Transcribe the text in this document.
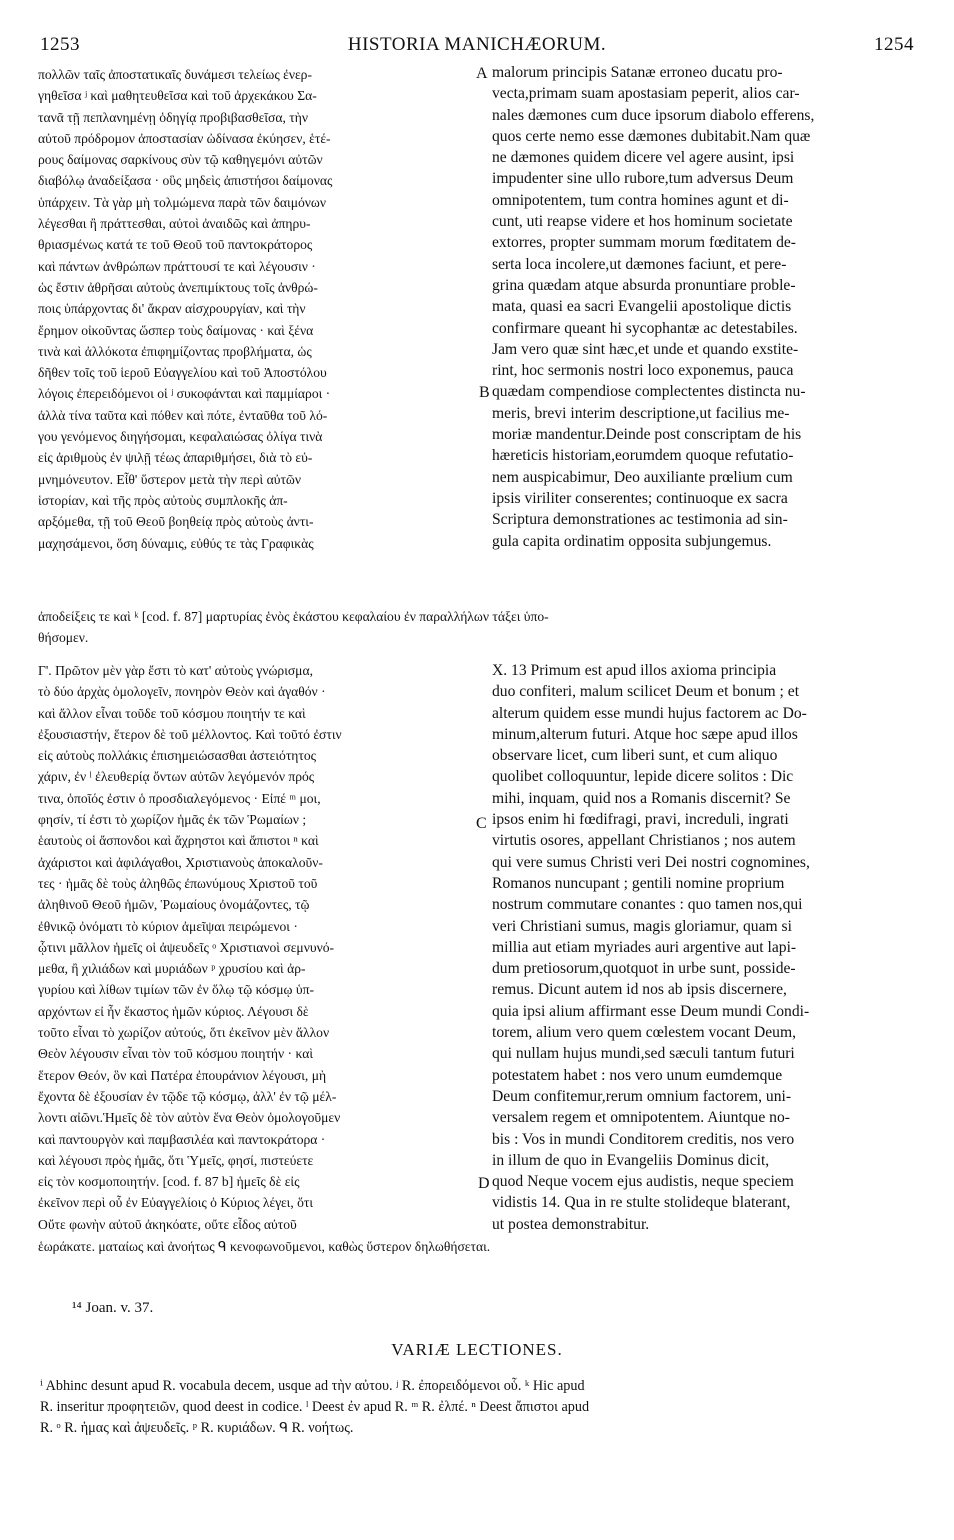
1253	HISTORIA MANICHÆORUM.	1254
πολλῶν ταῖς ἀποστατικαῖς δυνάμεσι τελείως ἐνερ-
γηθεῖσα ʲ καὶ μαθητευθεῖσα καὶ τοῦ ἀρχεκάκου Σα-
τανᾶ τῇ πεπλανημένῃ ὁδηγίᾳ προβιβασθεῖσα, τὴν
αὐτοῦ πρόδρομον ἀποστασίαν ὠδίνασα ἐκύησεν, ἑτέ-
ρους δαίμονας σαρκίνους σὺν τῷ καθηγεμόνι αὐτῶν
διαβόλῳ ἀναδείξασα · οὓς μηδεὶς ἀπιστήσοι δαίμονας
ὑπάρχειν. Τὰ γὰρ μὴ τολμώμενα παρὰ τῶν δαιμόνων
λέγεσθαι ἢ πράττεσθαι, αὐτοὶ ἀναιδῶς καὶ ἀπηρυ-
θριασμένως κατά τε τοῦ Θεοῦ τοῦ παντοκράτορος
καὶ πάντων ἀνθρώπων πράττουσί τε καὶ λέγουσιν ·
ὡς ἔστιν ἀθρῆσαι αὐτοὺς ἀνεπιμίκτους τοῖς ἀνθρώ-
ποις ὑπάρχοντας δι' ἄκραν αἰσχρουργίαν, καὶ τὴν
ἔρημον οἰκοῦντας ὥσπερ τοὺς δαίμονας · καὶ ξένα
τινὰ καὶ ἀλλόκοτα ἐπιφημίζοντας προβλήματα, ὡς
δῆθεν τοῖς τοῦ ἱεροῦ Εὐαγγελίου καὶ τοῦ Ἀποστόλου
λόγοις ἐπερειδόμενοι οἱ ʲ συκοφάνται καὶ παμμίαροι ·
ἀλλὰ τίνα ταῦτα καὶ πόθεν καὶ πότε, ἐνταῦθα τοῦ λό-
γου γενόμενος διηγήσομαι, κεφαλαιώσας ὀλίγα τινὰ
εἰς ἀριθμοὺς ἐν ψιλῇ τέως ἀπαριθμήσει, διὰ τὸ εὐ-
μνημόνευτον. Εἶθ' ὕστερον μετὰ τὴν περὶ αὐτῶν
ἱστορίαν, καὶ τῆς πρὸς αὐτοὺς συμπλοκῆς ἀπ-
αρξόμεθα, τῇ τοῦ Θεοῦ βοηθείᾳ πρὸς αὐτοὺς ἀντι-
μαχησάμενοι, ὅση δύναμις, εὐθύς τε τὰς Γραφικὰς
malorum principis Satanæ erroneo ducatu pro-
vecta,primam suam apostasiam peperit, alios car-
nales dæmones cum duce ipsorum diabolo efferens,
quos certe nemo esse dæmones dubitabit.Nam quæ
ne dæmones quidem dicere vel agere ausint, ipsi
impudenter sine ullo rubore,tum adversus Deum
omnipotentem, tum contra homines agunt et di-
cunt, uti reapse videre et hos hominum societate
extorres, propter summam morum fœditatem de-
serta loca incolere,ut dæmones faciunt, et pere-
grina quædam atque absurda pronuntiare proble-
mata, quasi ea sacri Evangelii apostolique dictis
confirmare queant hi sycophantæ ac detestabiles.
Jam vero quæ sint hæc,et unde et quando exstite-
rint, hoc sermonis nostri loco exponemus, pauca
quædam compendiose complectentes distincta nu-
meris, brevi interim descriptione,ut facilius me-
moriæ mandentur.Deinde post conscriptam de his
hæreticis historiam,eorumdem quoque refutatio-
nem auspicabimur, Deo auxiliante prœlium cum
ipsis viriliter conserentes; continuoque ex sacra
Scriptura demonstrationes ac testimonia ad sin-
gula capita ordinatim opposita subjungemus.
A
B
ἀποδείξεις τε καὶ ᵏ [cod. f. 87] μαρτυρίας ἑνὸς ἑκάστου κεφαλαίου ἐν παραλλήλων τάξει ὑπο-
θήσομεν.
Γ'. Πρῶτον μὲν γὰρ ἔστι τὸ κατ' αὐτοὺς γνώρισμα,
τὸ δύο ἀρχὰς ὁμολογεῖν, πονηρὸν Θεὸν καὶ ἀγαθόν ·
καὶ ἄλλον εἶναι τοῦδε τοῦ κόσμου ποιητήν τε καὶ
ἐξουσιαστήν, ἕτερον δὲ τοῦ μέλλοντος. Καὶ τοῦτό ἐστιν
εἰς αὐτοὺς πολλάκις ἐπισημειώσασθαι ἀστειότητος
χάριν, ἐν ˡ ἐλευθερίᾳ ὄντων αὐτῶν λεγόμενόν πρός
τινα, ὁποῖός ἐστιν ὁ προσδιαλεγόμενος · Εἰπέ ᵐ μοι,
φησίν, τί ἐστι τὸ χωρίζον ἡμᾶς ἐκ τῶν Ῥωμαίων ;
ἑαυτοὺς οἱ ἄσπονδοι καὶ ἄχρηστοι καὶ ἄπιστοι ⁿ καὶ
ἀχάριστοι καὶ ἀφιλάγαθοι, Χριστιανοὺς ἀποκαλοῦν-
τες · ἡμᾶς δὲ τοὺς ἀληθῶς ἐπωνύμους Χριστοῦ τοῦ
ἀληθινοῦ Θεοῦ ἡμῶν, Ῥωμαίους ὀνομάζοντες, τῷ
ἐθνικῷ ὀνόματι τὸ κύριον ἀμεῖψαι πειρώμενοι ·
ᾧτινι μᾶλλον ἡμεῖς οἱ ἀψευδεῖς ᵒ Χριστιανοὶ σεμνυνό-
μεθα, ἢ χιλιάδων καὶ μυριάδων ᵖ χρυσίου καὶ ἀρ-
γυρίου καὶ λίθων τιμίων τῶν ἐν ὅλῳ τῷ κόσμῳ ὑπ-
αρχόντων εἰ ἦν ἕκαστος ἡμῶν κύριος. Λέγουσι δὲ
τοῦτο εἶναι τὸ χωρίζον αὐτούς, ὅτι ἐκεῖνον μὲν ἄλλον
Θεὸν λέγουσιν εἶναι τὸν τοῦ κόσμου ποιητήν · καὶ
ἕτερον Θεόν, ὃν καὶ Πατέρα ἐπουράνιον λέγουσι, μὴ
ἔχοντα δὲ ἐξουσίαν ἐν τῷδε τῷ κόσμῳ, ἀλλ' ἐν τῷ μέλ-
λοντι αἰῶνι.Ἡμεῖς δὲ τὸν αὐτὸν ἕνα Θεὸν ὁμολογοῦμεν
καὶ παντουργὸν καὶ παμβασιλέα καὶ παντοκράτορα ·
καὶ λέγουσι πρὸς ἡμᾶς, ὅτι Ὑμεῖς, φησί, πιστεύετε
εἰς τὸν κοσμοποιητήν. [cod. f. 87 b] ἡμεῖς δὲ εἰς
ἐκεῖνον περὶ οὗ ἐν Εὐαγγελίοις ὁ Κύριος λέγει, ὅτι
Οὔτε φωνὴν αὐτοῦ ἀκηκόατε, οὔτε εἶδος αὐτοῦ
X. 13 Primum est apud illos axioma principia
duo confiteri, malum scilicet Deum et bonum ; et
alterum quidem esse mundi hujus factorem ac Do-
minum,alterum futuri. Atque hoc sæpe apud illos
observare licet, cum liberi sunt, et cum aliquo
quolibet colloquuntur, lepide dicere solitos : Dic
mihi, inquam, quid nos a Romanis discernit? Se
ipsos enim hi fœdifragi, pravi, increduli, ingrati
virtutis osores, appellant Christianos ; nos autem
qui vere sumus Christi veri Dei nostri cognomines,
Romanos nuncupant ; gentili nomine proprium
nostrum commutare conantes : quo tamen nos,qui
veri Christiani sumus, magis gloriamur, quam si
millia aut etiam myriades auri argentive aut lapi-
dum pretiosorum,quotquot in urbe sunt, posside-
remus. Dicunt autem id nos ab ipsis discernere,
quia ipsi alium affirmant esse Deum mundi Condi-
torem, alium vero quem cœlestem vocant Deum,
qui nullam hujus mundi,sed sæculi tantum futuri
potestatem habet : nos vero unum eumdemque
Deum confitemur,rerum omnium factorem, uni-
versalem regem et omnipotentem. Aiuntque no-
bis : Vos in mundi Conditorem creditis, nos vero
in illum de quo in Evangeliis Dominus dicit,
quod Neque vocem ejus audistis, neque speciem
vidistis 14. Qua in re stulte stolideque blaterant,
ut postea demonstrabitur.
C
D
ἑωράκατε. ματαίως καὶ ἀνοήτως ᑫ κενοφωνοῦμενοι, καθὼς ὕστερον δηλωθήσεται.
¹⁴ Joan. v. 37.
VARIÆ LECTIONES.
ⁱ Abhinc desunt apud R. vocabula decem, usque ad τὴν αὐτου. ʲ R. ἐπορειδόμενοι οὗ. ᵏ Hic apud
R. inseritur προφητειῶν, quod deest in codice. ˡ Deest ἐν apud R. ᵐ R. ἐλπέ. ⁿ Deest ἄπιστοι apud
R. ᵒ R. ἡμας καὶ ἀψευδεῖς. ᵖ R. κυριάδων. ᑫ R. νοήτως.
